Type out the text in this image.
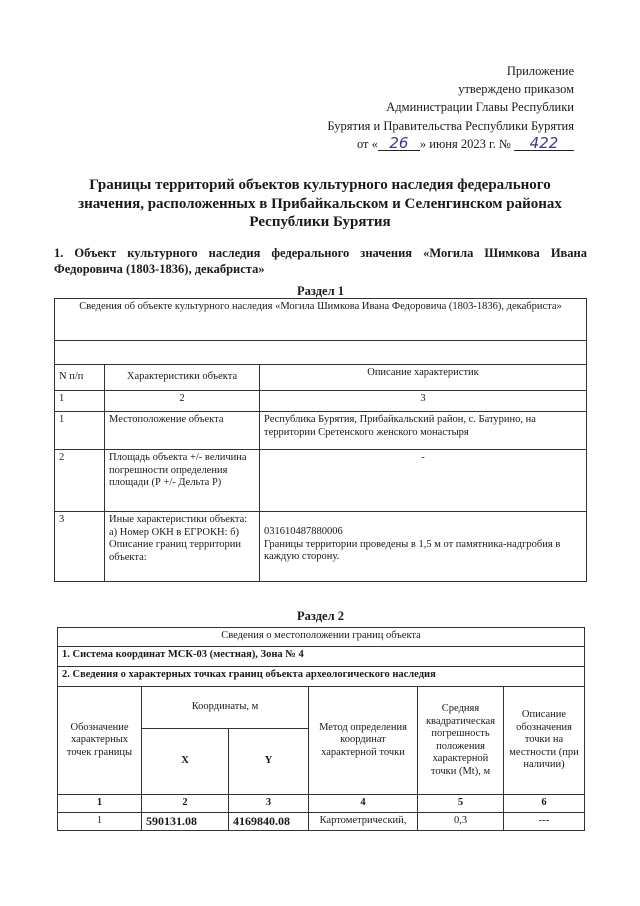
Приложение
утверждено приказом
Администрации Главы Республики
Бурятия и Правительства Республики Бурятия
от « 26 » июня 2023 г. № 422
Границы территорий объектов культурного наследия федерального значения, расположенных в Прибайкальском и Селенгинском районах Республики Бурятия
1. Объект культурного наследия федерального значения «Могила Шимкова Ивана Федоровича (1803-1836), декабриста»
Раздел 1
Сведения об объекте культурного наследия «Могила Шимкова Ивана Федоровича (1803-1836), декабриста»		

N п/п	Характеристики объекта	Описание характеристик
1	2	3
1	Местоположение объекта	Республика Бурятия, Прибайкальский район, с. Батурино, на территории Сретенского женского монастыря
2	Площадь объекта +/- величина погрешности определения площади (Р +/- Дельта Р)	-
3	Иные характеристики объекта: а) Номер ОКН в ЕГРОКН: б) Описание границ территории объекта:	031610487880006
Границы территории проведены в 1,5 м от памятника-надгробия в каждую сторону.
Раздел 2
Сведения о местоположении границ объекта					
1. Система координат МСК-03 (местная), Зона № 4					
2. Сведения о характерных точках границ объекта археологического наследия					
Обозначение характерных точек границы	Координаты, м		Метод определения координат характерной точки	Средняя квадратическая погрешность положения характерной точки (Mt), м	Описание обозначения точки на местности (при наличии)
	X	Y			
1	2	3	4	5	6
1	590131.08	4169840.08	Картометрический,	0,3	---
